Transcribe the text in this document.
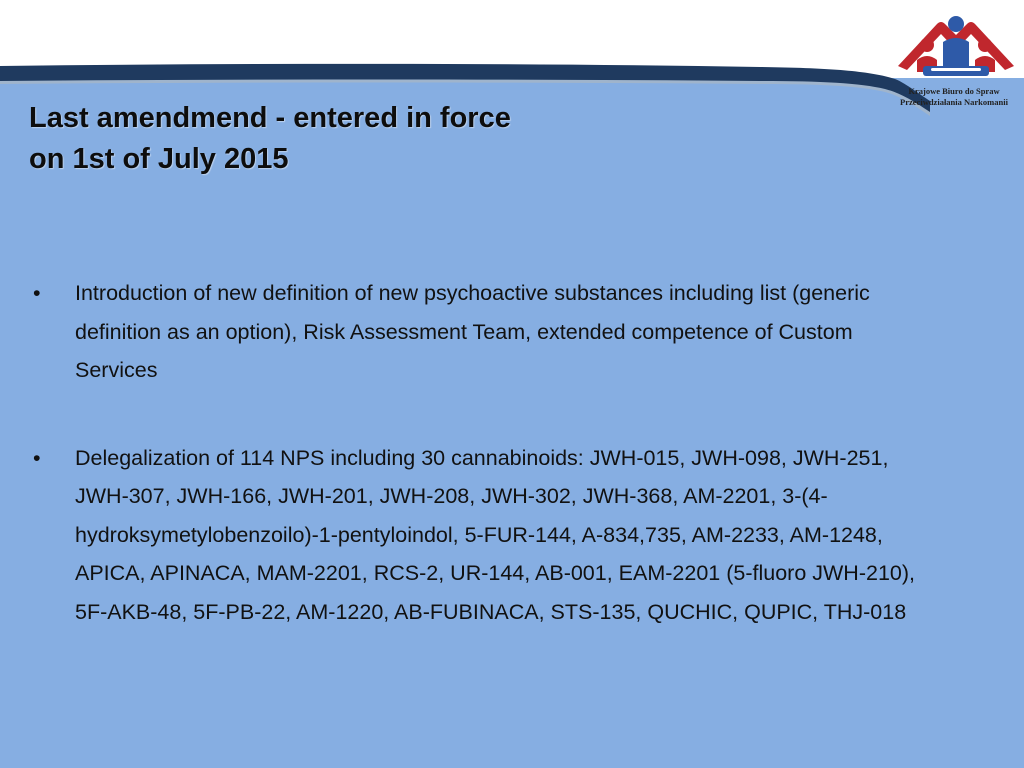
Krajowe Biuro do Spraw
Przeciwdziałania Narkomanii
Last amendmend - entered in force
on 1st of July 2015
• Introduction of new definition of new psychoactive substances including list (generic definition as an option), Risk Assessment Team, extended competence of Custom Services
• Delegalization of 114 NPS including 30 cannabinoids: JWH-015, JWH-098, JWH-251, JWH-307, JWH-166, JWH-201, JWH-208, JWH-302, JWH-368, AM-2201, 3-(4-hydroksymetylobenzoilo)-1-pentyloindol, 5-FUR-144, A-834,735, AM-2233, AM-1248, APICA, APINACA, MAM-2201, RCS-2, UR-144, AB-001, EAM-2201 (5-fluoro JWH-210), 5F-AKB-48, 5F-PB-22, AM-1220, AB-FUBINACA, STS-135, QUCHIC, QUPIC, THJ-018
